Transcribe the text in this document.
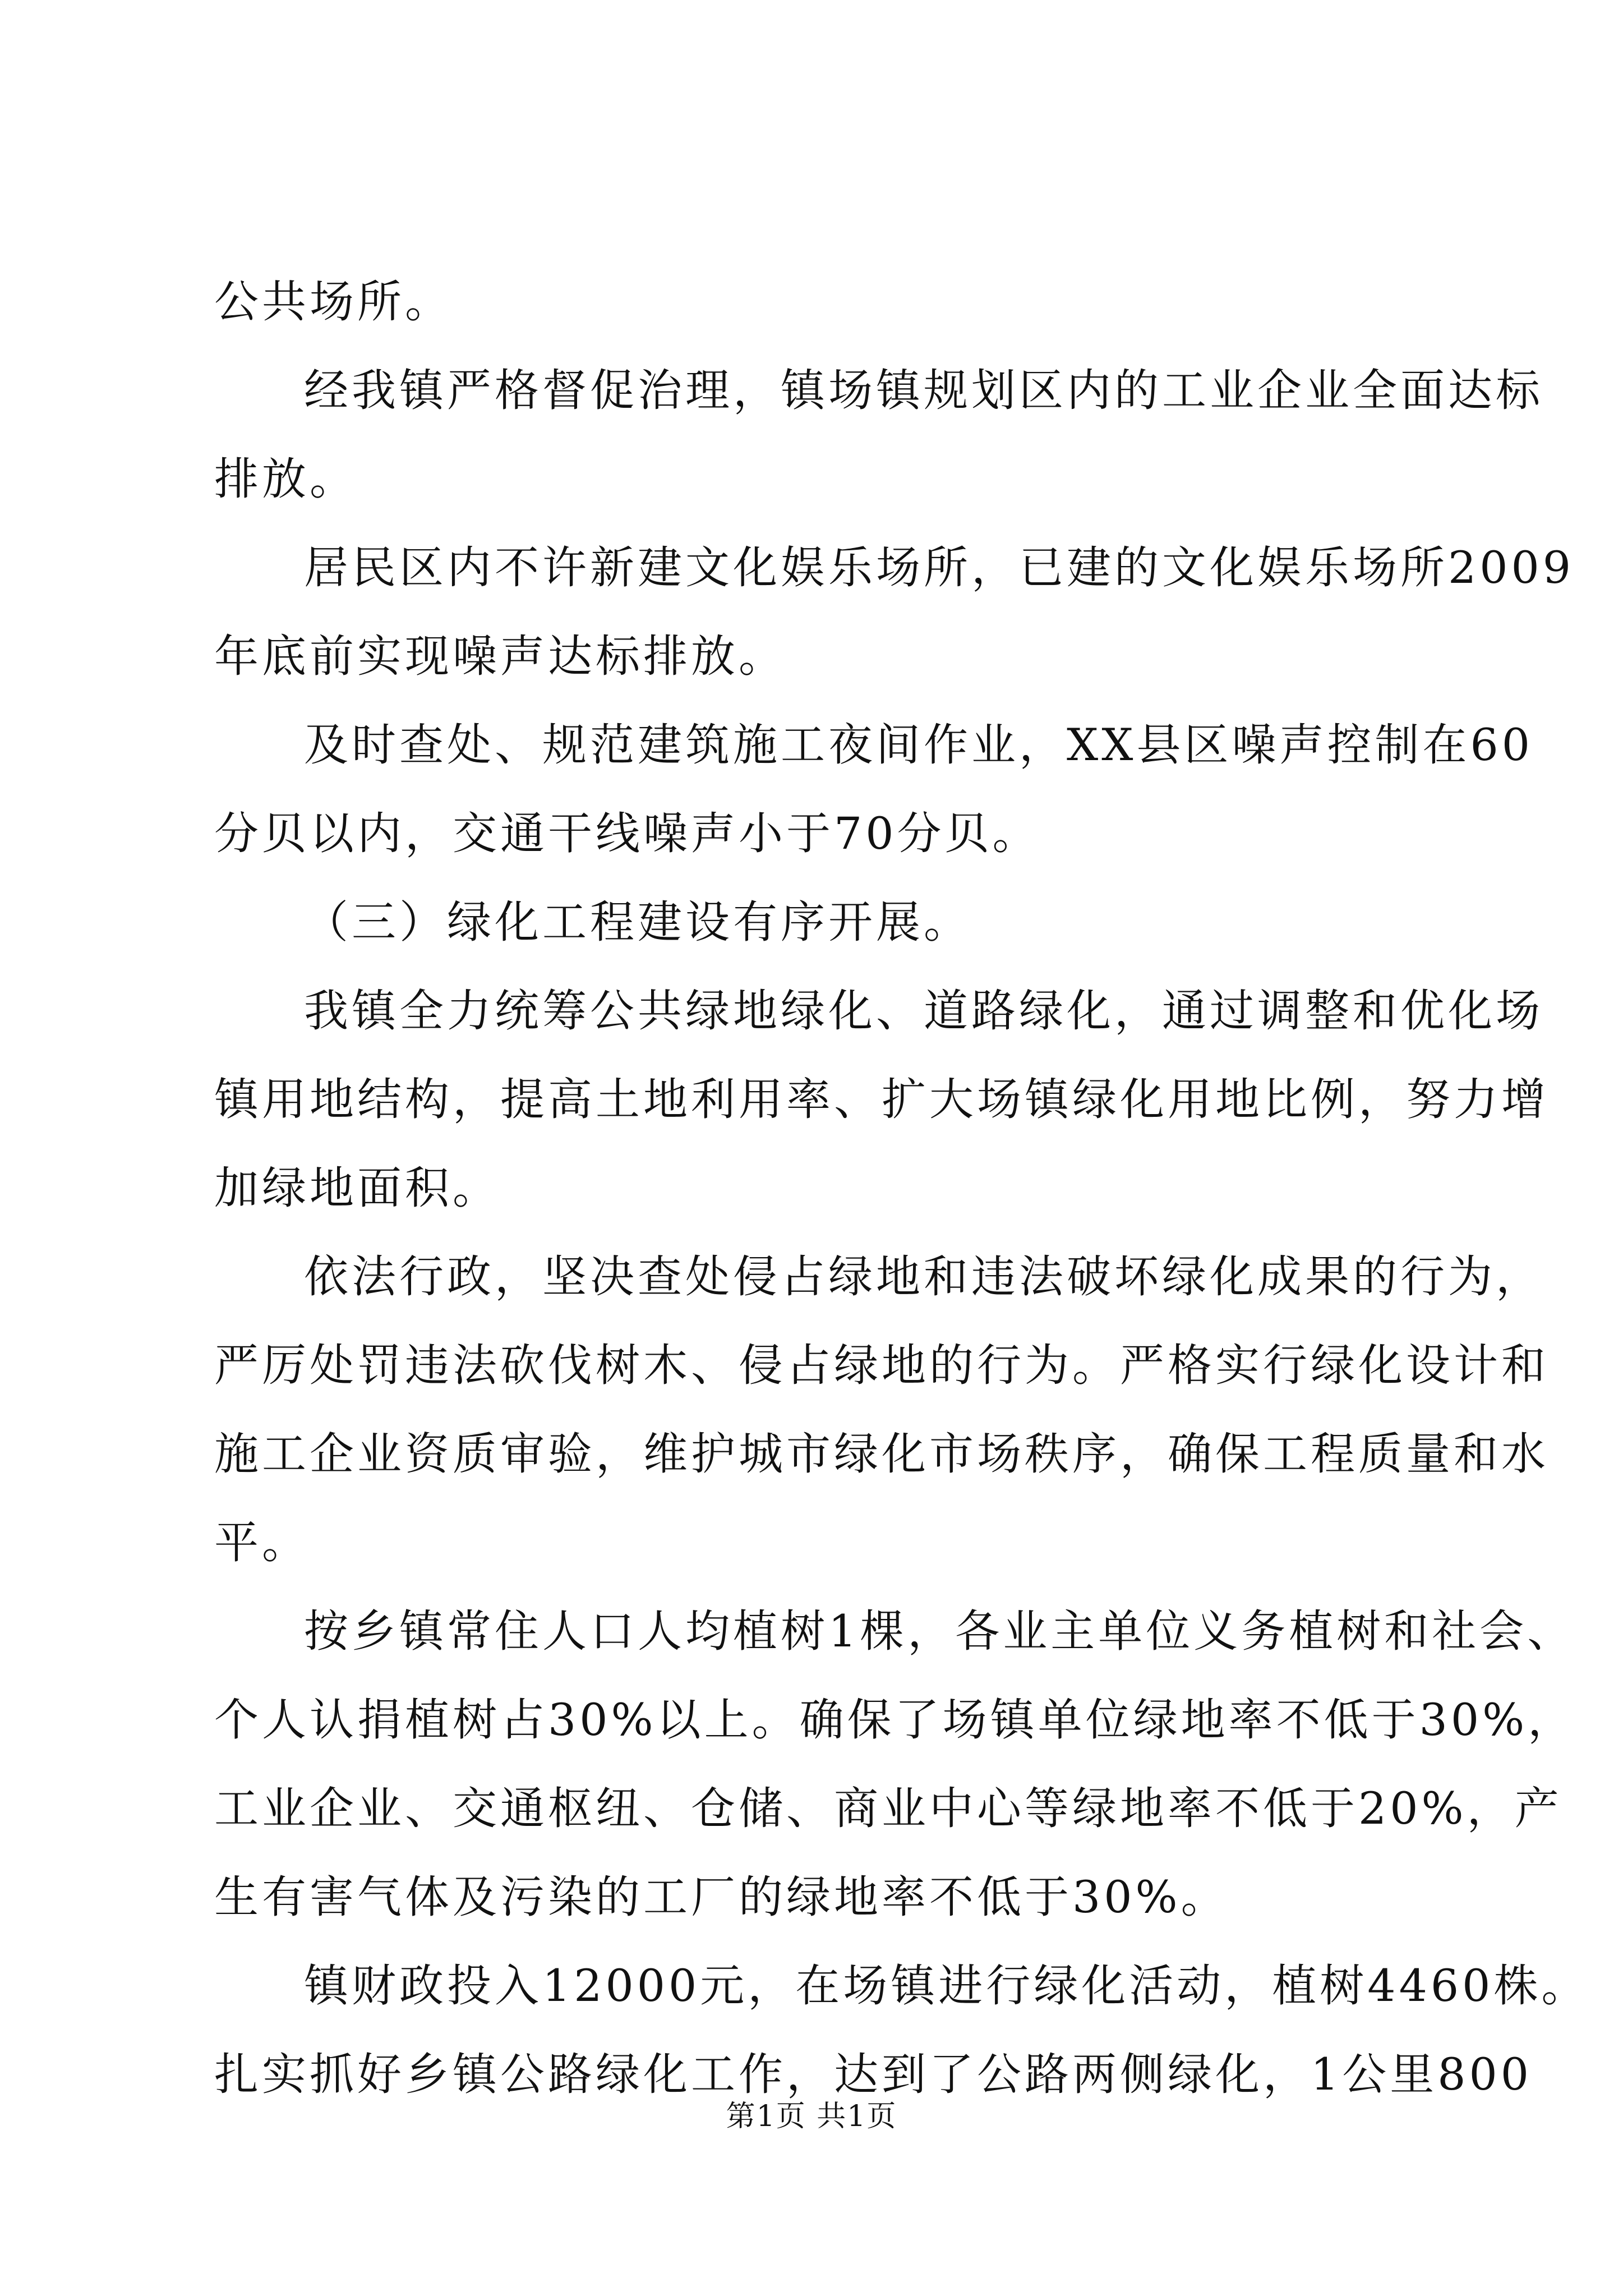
公共场所。
经我镇严格督促治理，镇场镇规划区内的工业企业全面达标
排放。
居民区内不许新建文化娱乐场所，已建的文化娱乐场所2009
年底前实现噪声达标排放。
及时查处、规范建筑施工夜间作业，XX县区噪声控制在60
分贝以内，交通干线噪声小于70分贝。
（三）绿化工程建设有序开展。
我镇全力统筹公共绿地绿化、道路绿化，通过调整和优化场
镇用地结构，提高土地利用率、扩大场镇绿化用地比例，努力增
加绿地面积。
依法行政，坚决查处侵占绿地和违法破坏绿化成果的行为，
严厉处罚违法砍伐树木、侵占绿地的行为。严格实行绿化设计和
施工企业资质审验，维护城市绿化市场秩序，确保工程质量和水
平。
按乡镇常住人口人均植树1棵，各业主单位义务植树和社会、
个人认捐植树占30%以上。确保了场镇单位绿地率不低于30%，
工业企业、交通枢纽、仓储、商业中心等绿地率不低于20%，产
生有害气体及污染的工厂的绿地率不低于30%。
镇财政投入12000元，在场镇进行绿化活动，植树4460株。
扎实抓好乡镇公路绿化工作，达到了公路两侧绿化，1公里800
第1页 共1页
